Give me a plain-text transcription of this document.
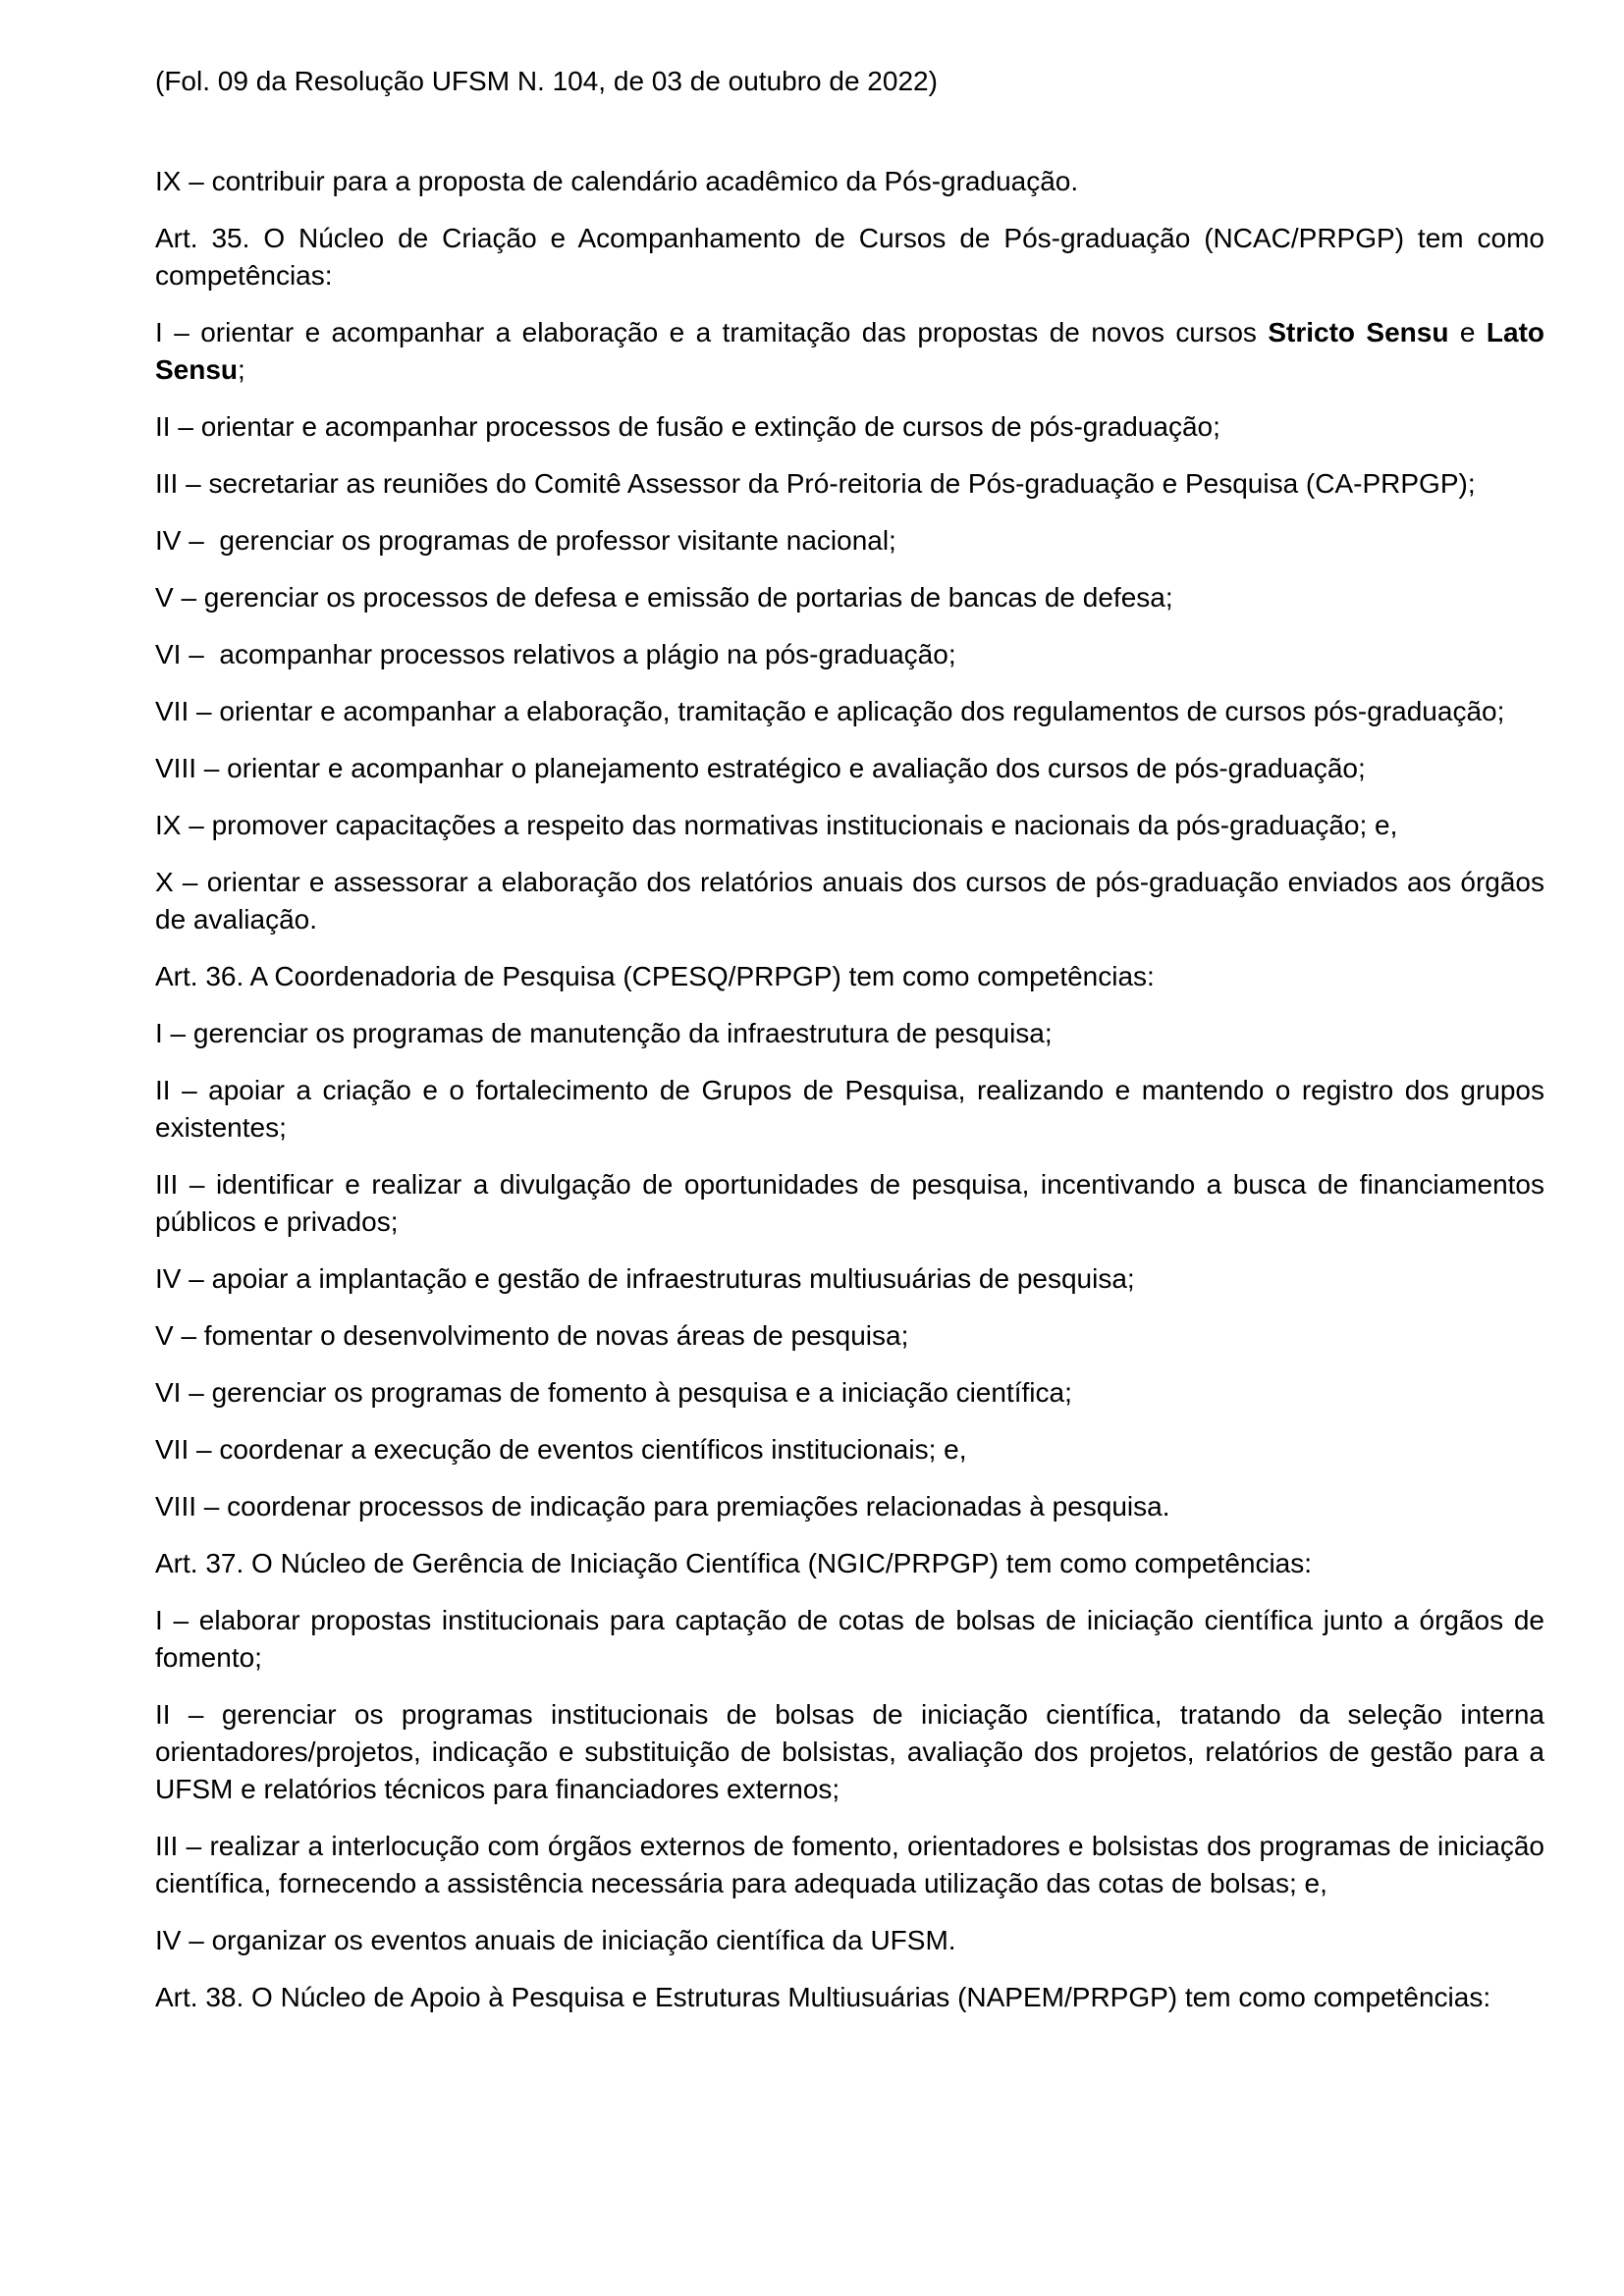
(Fol. 09 da Resolução UFSM N. 104, de 03 de outubro de 2022)

IX – contribuir para a proposta de calendário acadêmico da Pós-graduação.

Art. 35. O Núcleo de Criação e Acompanhamento de Cursos de Pós-graduação (NCAC/PRPGP) tem como competências:

I – orientar e acompanhar a elaboração e a tramitação das propostas de novos cursos Stricto Sensu e Lato Sensu;

II – orientar e acompanhar processos de fusão e extinção de cursos de pós-graduação;

III – secretariar as reuniões do Comitê Assessor da Pró-reitoria de Pós-graduação e Pesquisa (CA-PRPGP);

IV –  gerenciar os programas de professor visitante nacional;

V – gerenciar os processos de defesa e emissão de portarias de bancas de defesa;

VI –  acompanhar processos relativos a plágio na pós-graduação;

VII – orientar e acompanhar a elaboração, tramitação e aplicação dos regulamentos de cursos pós-graduação;

VIII – orientar e acompanhar o planejamento estratégico e avaliação dos cursos de pós-graduação;

IX – promover capacitações a respeito das normativas institucionais e nacionais da pós-graduação; e,

X – orientar e assessorar a elaboração dos relatórios anuais dos cursos de pós-graduação enviados aos órgãos de avaliação.

Art. 36. A Coordenadoria de Pesquisa (CPESQ/PRPGP) tem como competências:

I – gerenciar os programas de manutenção da infraestrutura de pesquisa;

II – apoiar a criação e o fortalecimento de Grupos de Pesquisa, realizando e mantendo o registro dos grupos existentes;

III – identificar e realizar a divulgação de oportunidades de pesquisa, incentivando a busca de financiamentos públicos e privados;

IV – apoiar a implantação e gestão de infraestruturas multiusuárias de pesquisa;

V – fomentar o desenvolvimento de novas áreas de pesquisa;

VI – gerenciar os programas de fomento à pesquisa e a iniciação científica;

VII – coordenar a execução de eventos científicos institucionais; e,

VIII – coordenar processos de indicação para premiações relacionadas à pesquisa.

Art. 37. O Núcleo de Gerência de Iniciação Científica (NGIC/PRPGP) tem como competências:

I – elaborar propostas institucionais para captação de cotas de bolsas de iniciação científica junto a órgãos de fomento;

II – gerenciar os programas institucionais de bolsas de iniciação científica, tratando da seleção interna orientadores/projetos, indicação e substituição de bolsistas, avaliação dos projetos, relatórios de gestão para a UFSM e relatórios técnicos para financiadores externos;

III – realizar a interlocução com órgãos externos de fomento, orientadores e bolsistas dos programas de iniciação científica, fornecendo a assistência necessária para adequada utilização das cotas de bolsas; e,

IV – organizar os eventos anuais de iniciação científica da UFSM.

Art. 38. O Núcleo de Apoio à Pesquisa e Estruturas Multiusuárias (NAPEM/PRPGP) tem como competências:
